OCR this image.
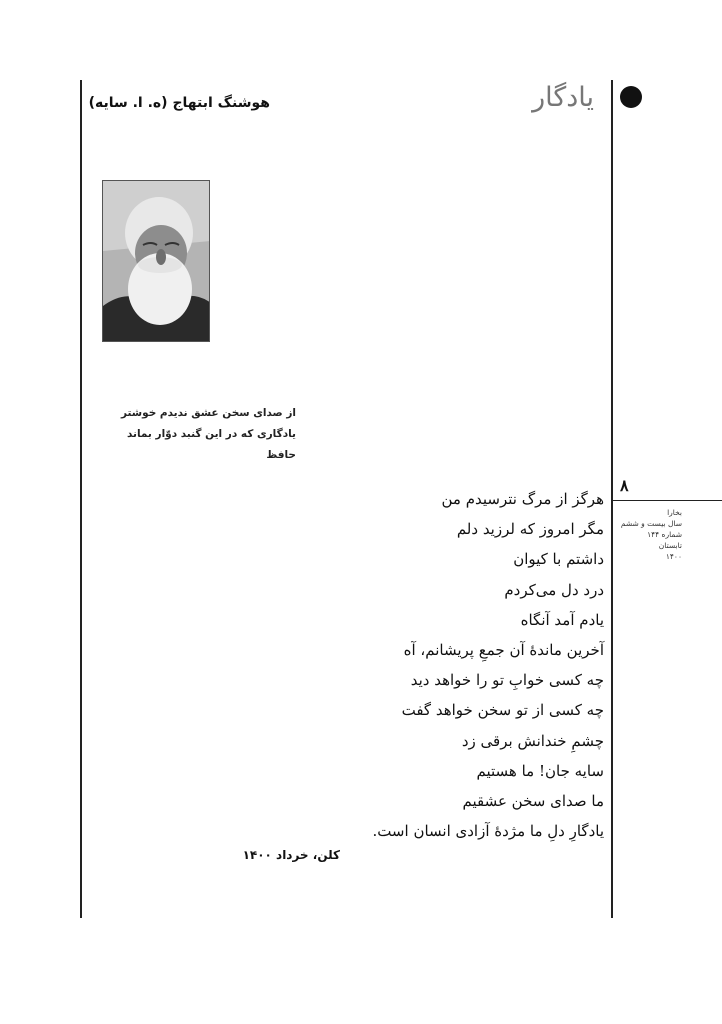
یادگار
هوشنگ ابتهاج (ه. ا. سایه)
از صدای سخن عشق ندیدم خوشتر
یادگاری که در این گنبد دوّار بماند
حافظ
هرگز از مرگ نترسیدم من
مگر امروز که لرزید دلم
داشتم با کیوان
درد دل می‌کردم
یادم آمد آنگاه
آخرین ماندهٔ آن جمعِ پریشانم، آه
چه کسی خوابِ تو را خواهد دید
چه کسی از تو سخن خواهد گفت
چشمِ خندانش برقی زد
سایه جان! ما هستیم
ما صدای سخن عشقیم
یادگارِ دلِ ما مژدهٔ آزادی انسان است.
کلن، خرداد ۱۴۰۰
۸
بخارا
سال بیست و ششم
شماره ۱۴۴
تابستان
۱۴۰۰
